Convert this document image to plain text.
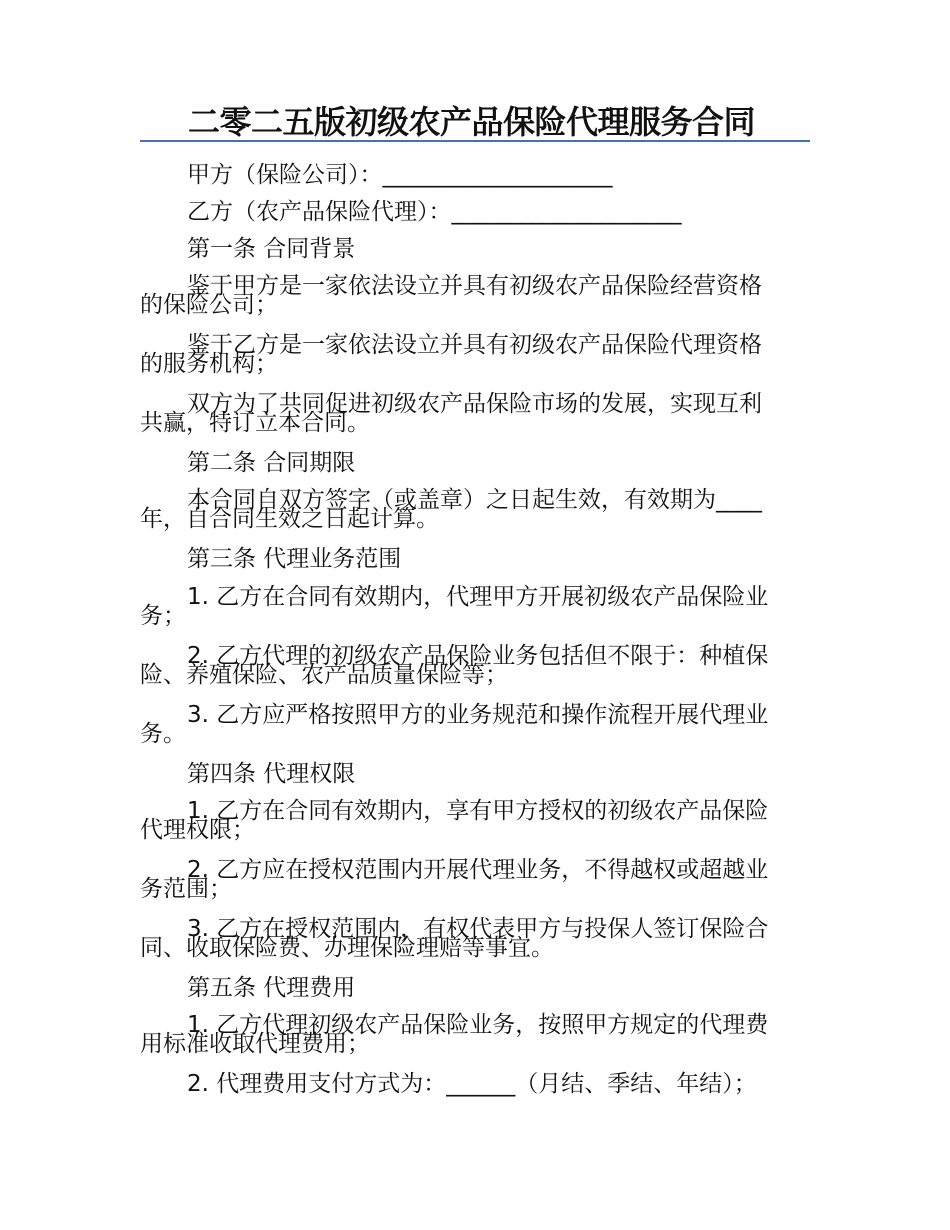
二零二五版初级农产品保险代理服务合同
甲方（保险公司）：____________________
乙方（农产品保险代理）：____________________
第一条 合同背景
鉴于甲方是一家依法设立并具有初级农产品保险经营资格
的保险公司；
鉴于乙方是一家依法设立并具有初级农产品保险代理资格
的服务机构；
双方为了共同促进初级农产品保险市场的发展，实现互利
共赢，特订立本合同。
第二条 合同期限
本合同自双方签字（或盖章）之日起生效，有效期为____
年，自合同生效之日起计算。
第三条 代理业务范围
1. 乙方在合同有效期内，代理甲方开展初级农产品保险业
务；
2. 乙方代理的初级农产品保险业务包括但不限于：种植保
险、养殖保险、农产品质量保险等；
3. 乙方应严格按照甲方的业务规范和操作流程开展代理业
务。
第四条 代理权限
1. 乙方在合同有效期内，享有甲方授权的初级农产品保险
代理权限；
2. 乙方应在授权范围内开展代理业务，不得越权或超越业
务范围；
3. 乙方在授权范围内，有权代表甲方与投保人签订保险合
同、收取保险费、办理保险理赔等事宜。
第五条 代理费用
1. 乙方代理初级农产品保险业务，按照甲方规定的代理费
用标准收取代理费用；
2. 代理费用支付方式为：______（月结、季结、年结）；
